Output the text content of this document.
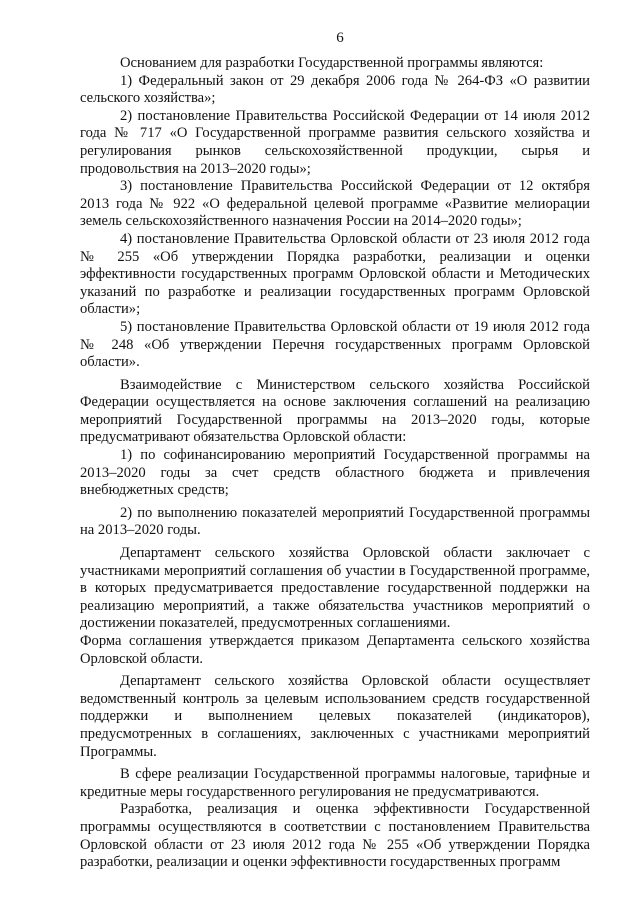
6

Основанием для разработки Государственной программы являются:

1) Федеральный закон от 29 декабря 2006 года № 264-ФЗ «О развитии сельского хозяйства»;

2) постановление Правительства Российской Федерации от 14 июля 2012 года № 717 «О Государственной программе развития сельского хозяйства и регулирования рынков сельскохозяйственной продукции, сырья и продовольствия на 2013–2020 годы»;

3) постановление Правительства Российской Федерации от 12 октября 2013 года № 922 «О федеральной целевой программе «Развитие мелиорации земель сельскохозяйственного назначения России на 2014–2020 годы»;

4) постановление Правительства Орловской области от 23 июля 2012 года № 255 «Об утверждении Порядка разработки, реализации и оценки эффективности государственных программ Орловской области и Методических указаний по разработке и реализации государственных программ Орловской области»;

5) постановление Правительства Орловской области от 19 июля 2012 года № 248 «Об утверждении Перечня государственных программ Орловской области».

Взаимодействие с Министерством сельского хозяйства Российской Федерации осуществляется на основе заключения соглашений на реализацию мероприятий Государственной программы на 2013–2020 годы, которые предусматривают обязательства Орловской области:

1) по софинансированию мероприятий Государственной программы на 2013–2020 годы за счет средств областного бюджета и привлечения внебюджетных средств;

2) по выполнению показателей мероприятий Государственной программы на 2013–2020 годы.

Департамент сельского хозяйства Орловской области заключает с участниками мероприятий соглашения об участии в Государственной программе, в которых предусматривается предоставление государственной поддержки на реализацию мероприятий, а также обязательства участников мероприятий о достижении показателей, предусмотренных соглашениями.

Форма соглашения утверждается приказом Департамента сельского хозяйства Орловской области.

Департамент сельского хозяйства Орловской области осуществляет ведомственный контроль за целевым использованием средств государственной поддержки и выполнением целевых показателей (индикаторов), предусмотренных в соглашениях, заключенных с участниками мероприятий Программы.

В сфере реализации Государственной программы налоговые, тарифные и кредитные меры государственного регулирования не предусматриваются.

Разработка, реализация и оценка эффективности Государственной программы осуществляются в соответствии с постановлением Правительства Орловской области от 23 июля 2012 года № 255 «Об утверждении Порядка разработки, реализации и оценки эффективности государственных программ
